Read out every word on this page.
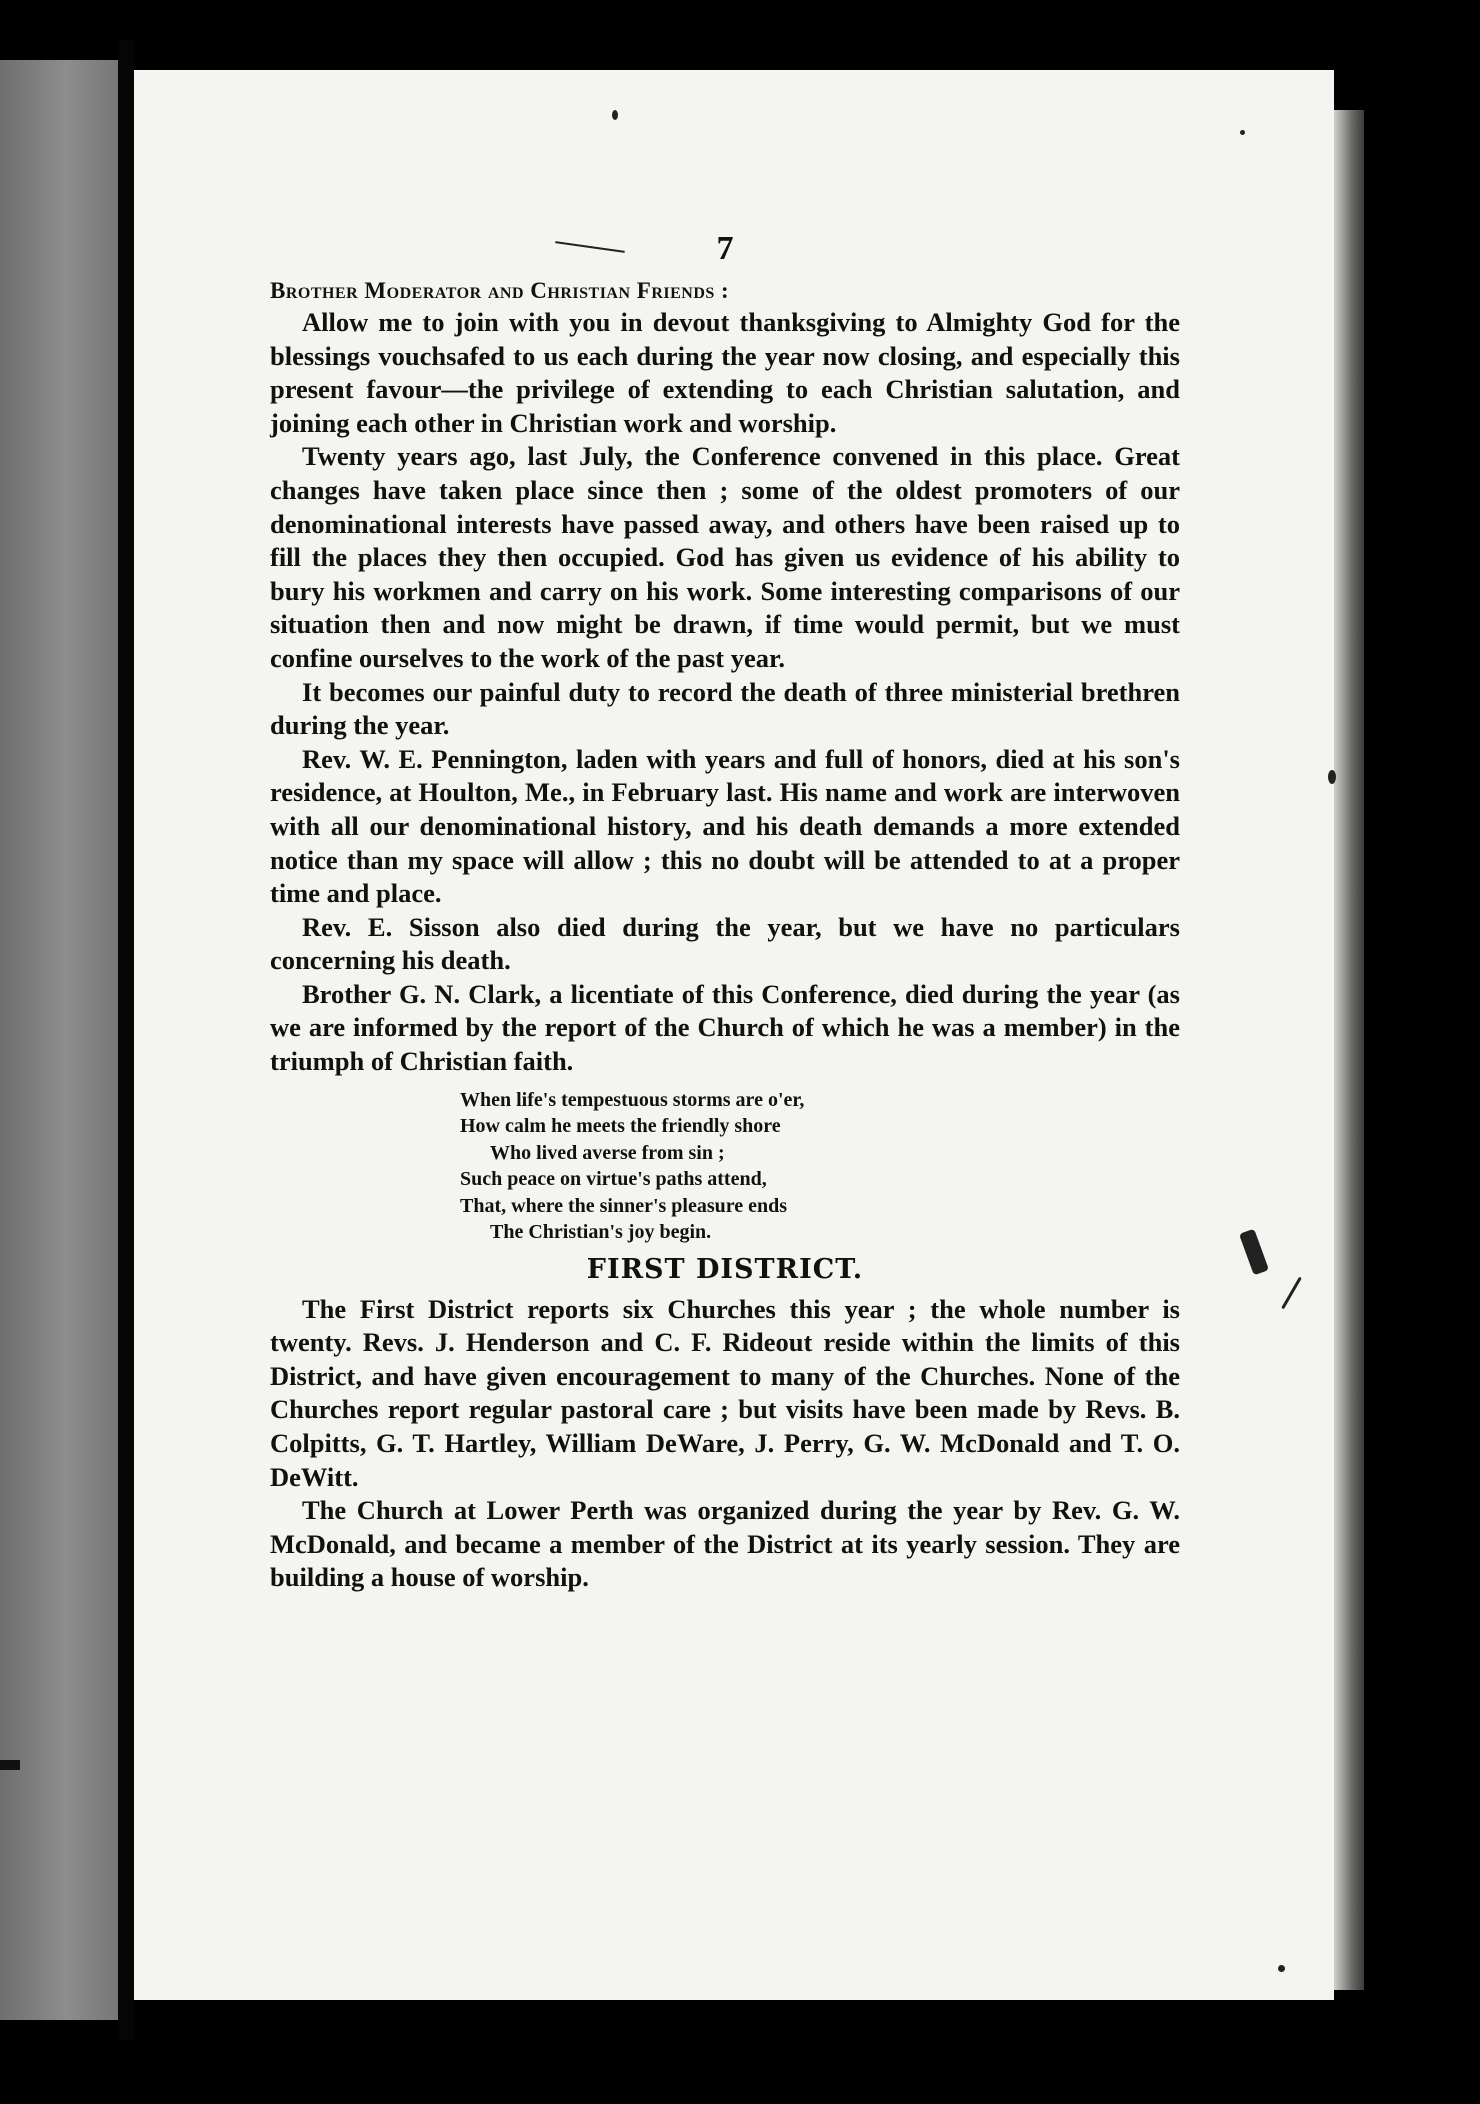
7
Brother Moderator and Christian Friends :

Allow me to join with you in devout thanksgiving to Almighty God for the blessings vouchsafed to us each during the year now closing, and especially this present favour—the privilege of extending to each Christian salutation, and joining each other in Christian work and worship.

Twenty years ago, last July, the Conference convened in this place. Great changes have taken place since then ; some of the oldest promoters of our denominational interests have passed away, and others have been raised up to fill the places they then occupied. God has given us evidence of his ability to bury his workmen and carry on his work. Some interesting comparisons of our situation then and now might be drawn, if time would permit, but we must confine ourselves to the work of the past year.

It becomes our painful duty to record the death of three ministerial brethren during the year.

Rev. W. E. Pennington, laden with years and full of honors, died at his son's residence, at Houlton, Me., in February last. His name and work are interwoven with all our denominational history, and his death demands a more extended notice than my space will allow ; this no doubt will be attended to at a proper time and place.

Rev. E. Sisson also died during the year, but we have no particulars concerning his death.

Brother G. N. Clark, a licentiate of this Conference, died during the year (as we are informed by the report of the Church of which he was a member) in the triumph of Christian faith.

When life's tempestuous storms are o'er,
How calm he meets the friendly shore
Who lived averse from sin ;
Such peace on virtue's paths attend,
That, where the sinner's pleasure ends
The Christian's joy begin.
FIRST DISTRICT.

The First District reports six Churches this year ; the whole number is twenty. Revs. J. Henderson and C. F. Rideout reside within the limits of this District, and have given encouragement to many of the Churches. None of the Churches report regular pastoral care ; but visits have been made by Revs. B. Colpitts, G. T. Hartley, William DeWare, J. Perry, G. W. McDonald and T. O. DeWitt.

The Church at Lower Perth was organized during the year by Rev. G. W. McDonald, and became a member of the District at its yearly session. They are building a house of worship.
